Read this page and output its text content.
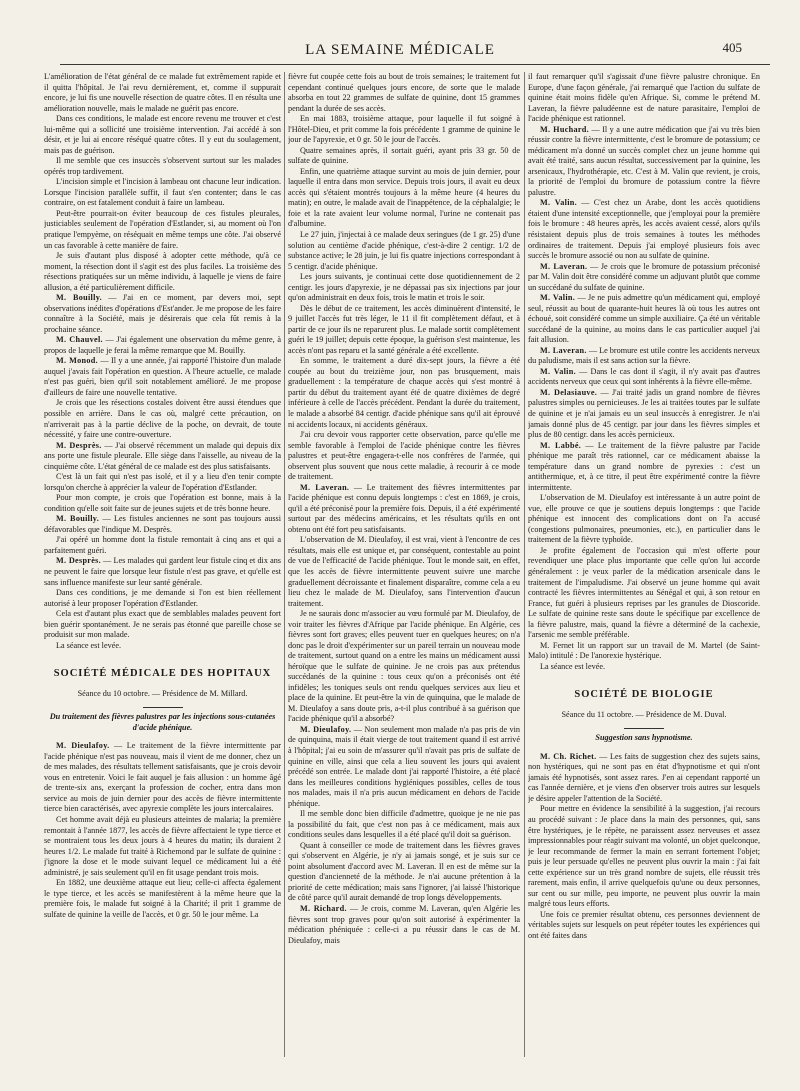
LA SEMAINE MÉDICALE	405

L'amélioration de l'état général de ce malade fut extrêmement rapide et il quitta l'hôpital. Je l'ai revu dernièrement, et, comme il suppurait encore, je lui fis une nouvelle résection de quatre côtes. Il en résulta une amélioration nouvelle, mais le malade ne guérit pas encore.

Dans ces conditions, le malade est encore revenu me trouver et c'est lui-même qui a sollicité une troisième intervention. J'ai accédé à son désir, et je lui ai encore réséqué quatre côtes. Il y eut du soulagement, mais pas de guérison.

Il me semble que ces insuccès s'observent surtout sur les malades opérés trop tardivement.

L'incision simple et l'incision à lambeau ont chacune leur indication. Lorsque l'incision parallèle suffit, il faut s'en contenter; dans le cas contraire, on est fatalement conduit à faire un lambeau.

Peut-être pourrait-on éviter beaucoup de ces fistules pleurales, justiciables seulement de l'opération d'Estlander, si, au moment où l'on pratique l'empyème, on réséquait en même temps une côte. J'ai observé un cas favorable à cette manière de faire.

Je suis d'autant plus disposé à adopter cette méthode, qu'à ce moment, la résection dont il s'agit est des plus faciles. La troisième des résections pratiquées sur un même individu, à laquelle je viens de faire allusion, a été particulièrement difficile.

M. Bouilly. — J'ai en ce moment, par devers moi, sept observations inédites d'opérations d'Est'ander. Je me propose de les faire connaître à la Société, mais je désirerais que cela fût remis à la prochaine séance.

M. Chauvel. — J'ai également une observation du même genre, à propos de laquelle je ferai la même remarque que M. Bouilly.

M. Monod. — Il y a une année, j'ai rapporté l'histoire d'un malade auquel j'avais fait l'opération en question. A l'heure actuelle, ce malade n'est pas guéri, bien qu'il soit notablement amélioré. Je me propose d'ailleurs de faire une nouvelle tentative.

Je crois que les résections costales doivent être aussi étendues que possible en arrière. Dans le cas où, malgré cette précaution, on n'arriverait pas à la partie déclive de la poche, on devrait, de toute nécessité, y faire une contre-ouverture.

M. Desprès. — J'ai observé récemment un malade qui depuis dix ans porte une fistule pleurale. Elle siège dans l'aisselle, au niveau de la cinquième côte. L'état général de ce malade est des plus satisfaisants.

C'est là un fait qui n'est pas isolé, et il y a lieu d'en tenir compte lorsqu'on cherche à apprécier la valeur de l'opération d'Estlander.

Pour mon compte, je crois que l'opération est bonne, mais à la condition qu'elle soit faite sur de jeunes sujets et de très bonne heure.

M. Bouilly. — Les fistules anciennes ne sont pas toujours aussi défavorables que l'indique M. Desprès.

J'ai opéré un homme dont la fistule remontait à cinq ans et qui a parfaitement guéri.

M. Desprès. — Les malades qui gardent leur fistule cinq et dix ans ne peuvent le faire que lorsque leur fistule n'est pas grave, et qu'elle est sans influence manifeste sur leur santé générale.

Dans ces conditions, je me demande si l'on est bien réellement autorisé à leur proposer l'opération d'Estlander.

Cela est d'autant plus exact que de semblables malades peuvent fort bien guérir spontanément. Je ne serais pas étonné que pareille chose se produisit sur mon malade.

La séance est levée.

SOCIÉTÉ MÉDICALE DES HOPITAUX

Séance du 10 octobre. — Présidence de M. Millard.

Du traitement des fièvres palustres par les injections sous-cutanées d'acide phénique.

M. Dieulafoy. — Le traitement de la fièvre intermittente par l'acide phénique n'est pas nouveau, mais il vient de me donner, chez un de mes malades, des résultats tellement satisfaisants, que je crois devoir vous en entretenir. Voici le fait auquel je fais allusion : un homme âgé de trente-six ans, exerçant la profession de cocher, entra dans mon service au mois de juin dernier pour des accès de fièvre intermittente tierce bien caractérisés, avec apyrexie complète les jours intercalaires.

Cet homme avait déjà eu plusieurs atteintes de malaria; la première remontait à l'année 1877, les accès de fièvre affectaient le type tierce et se montraient tous les deux jours à 4 heures du matin; ils duraient 2 heures 1/2. Le malade fut traité à Richemond par le sulfate de quinine : j'ignore la dose et le mode suivant lequel ce médicament lui a été administré, je sais seulement qu'il en fit usage pendant trois mois.

En 1882, une deuxième attaque eut lieu; celle-ci affecta également le type tierce, et les accès se manifestèrent à la même heure que la première fois, le malade fut soigné à la Charité; il prit 1 gramme de sulfate de quinine la veille de l'accès, et 0 gr. 50 le jour même. La

fièvre fut coupée cette fois au bout de trois semaines; le traitement fut cependant continué quelques jours encore, de sorte que le malade absorba en tout 22 grammes de sulfate de quinine, dont 15 grammes pendant la durée de ses accès.

En mai 1883, troisième attaque, pour laquelle il fut soigné à l'Hôtel-Dieu, et prit comme la fois précédente 1 gramme de quinine le jour de l'apyrexie, et 0 gr. 50 le jour de l'accès.

Quatre semaines après, il sortait guéri, ayant pris 33 gr. 50 de sulfate de quinine.

Enfin, une quatrième attaque survint au mois de juin dernier, pour laquelle il entra dans mon service. Depuis trois jours, il avait eu deux accès qui s'étaient montrés toujours à la même heure (4 heures du matin); en outre, le malade avait de l'inappétence, de la céphalalgie; le foie et la rate avaient leur volume normal, l'urine ne contenait pas d'albumine.

Le 27 juin, j'injectai à ce malade deux seringues (de 1 gr. 25) d'une solution au centième d'acide phénique, c'est-à-dire 2 centigr. 1/2 de substance active; le 28 juin, je lui fis quatre injections correspondant à 5 centigr. d'acide phénique.

Les jours suivants, je continuai cette dose quotidiennement de 2 centigr. les jours d'apyrexie, je ne dépassai pas six injections par jour qu'on administrait en deux fois, trois le matin et trois le soir.

Dès le début de ce traitement, les accès diminuèrent d'intensité, le 9 juillet l'accès fut très léger, le 11 il fit complètement défaut, et à partir de ce jour ils ne reparurent plus. Le malade sortit complètement guéri le 19 juillet; depuis cette époque, la guérison s'est maintenue, les accès n'ont pas reparu et la santé générale a été excellente.

En somme, le traitement a duré dix-sept jours, la fièvre a été coupée au bout du treizième jour, non pas brusquement, mais graduellement : la température de chaque accès qui s'est montré à partir du début du traitement ayant été de quatre dixièmes de degré inférieure à celle de l'accès précédent. Pendant la durée du traitement, le malade a absorbé 84 centigr. d'acide phénique sans qu'il ait éprouvé ni accidents locaux, ni accidents généraux.

J'ai cru devoir vous rapporter cette observation, parce qu'elle me semble favorable à l'emploi de l'acide phénique contre les fièvres palustres et peut-être engagera-t-elle nos confrères de l'armée, qui observent plus souvent que nous cette maladie, à recourir à ce mode de traitement.

M. Laveran. — Le traitement des fièvres intermittentes par l'acide phénique est connu depuis longtemps : c'est en 1869, je crois, qu'il a été préconisé pour la première fois. Depuis, il a été expérimenté surtout par des médecins américains, et les résultats qu'ils en ont obtenu ont été fort peu satisfaisants.

L'observation de M. Dieulafoy, il est vrai, vient à l'encontre de ces résultats, mais elle est unique et, par conséquent, contestable au point de vue de l'efficacité de l'acide phénique. Tout le monde sait, en effet, que les accès de fièvre intermittente peuvent suivre une marche graduellement décroissante et finalement disparaître, comme cela a eu lieu chez le malade de M. Dieulafoy, sans l'intervention d'aucun traitement.

Je ne saurais donc m'associer au vœu formulé par M. Dieulafoy, de voir traiter les fièvres d'Afrique par l'acide phénique. En Algérie, ces fièvres sont fort graves; elles peuvent tuer en quelques heures; on n'a donc pas le droit d'expérimenter sur un pareil terrain un nouveau mode de traitement, surtout quand on a entre les mains un médicament aussi héroïque que le sulfate de quinine. Je ne crois pas aux prétendus succédanés de la quinine : tous ceux qu'on a préconisés ont été infidèles; les toniques seuls ont rendu quelques services aux lieu et place de la quinine. Et peut-être la vin de quinquina, que le malade de M. Dieulafoy a sans doute pris, a-t-il plus contribué à sa guérison que l'acide phénique qu'il a absorbé?

M. Dieulafoy. — Non seulement mon malade n'a pas pris de vin de quinquina, mais il était vierge de tout traitement quand il est arrivé à l'hôpital; j'ai eu soin de m'assurer qu'il n'avait pas pris de sulfate de quinine en ville, ainsi que cela a lieu souvent les jours qui avaient précédé son entrée. Le malade dont j'ai rapporté l'histoire, a été placé dans les meilleures conditions hygiéniques possibles, celles de tous nos malades, mais il n'a pris aucun médicament en dehors de l'acide phénique.

Il me semble donc bien difficile d'admettre, quoique je ne nie pas la possibilité du fait, que c'est non pas à ce médicament, mais aux conditions seules dans lesquelles il a été placé qu'il doit sa guérison.

Quant à conseiller ce mode de traitement dans les fièvres graves qui s'observent en Algérie, je n'y ai jamais songé, et je suis sur ce point absolument d'accord avec M. Laveran. Il en est de même sur la question d'ancienneté de la méthode. Je n'ai aucune prétention à la priorité de cette médication; mais sans l'ignorer, j'ai laissé l'historique de côté parce qu'il aurait demandé de trop longs développements.

M. Richard. — Je crois, comme M. Laveran, qu'en Algérie les fièvres sont trop graves pour qu'on soit autorisé à expérimenter la médication phéniquée : celle-ci a pu réussir dans le cas de M. Dieulafoy, mais

il faut remarquer qu'il s'agissait d'une fièvre palustre chronique. En Europe, d'une façon générale, j'ai remarqué que l'action du sulfate de quinine était moins fidèle qu'en Afrique. Si, comme le prétend M. Laveran, la fièvre paludéenne est de nature parasitaire, l'emploi de l'acide phénique est rationnel.

M. Huchard. — Il y a une autre médication que j'ai vu très bien réussir contre la fièvre intermittente, c'est le bromure de potassium; ce médicament m'a donné un succès complet chez un jeune homme qui avait été traité, sans aucun résultat, successivement par la quinine, les arsenicaux, l'hydrothérapie, etc. C'est à M. Valin que revient, je crois, la priorité de l'emploi du bromure de potassium contre la fièvre palustre.

M. Valin. — C'est chez un Arabe, dont les accès quotidiens étaient d'une intensité exceptionnelle, que j'employai pour la première fois le bromure : 48 heures après, les accès avaient cessé, alors qu'ils résistaient depuis plus de trois semaines à toutes les méthodes ordinaires de traitement. Depuis j'ai employé plusieurs fois avec succès le bromure associé ou non au sulfate de quinine.

M. Laveran. — Je crois que le bromure de potassium préconisé par M. Valin doit être considéré comme un adjuvant plutôt que comme un succédané du sulfate de quinine.

M. Valin. — Je ne puis admettre qu'un médicament qui, employé seul, réussit au bout de quarante-huit heures là où tous les autres ont échoué, soit considéré comme un simple auxiliaire. Ça été un véritable succédané de la quinine, au moins dans le cas particulier auquel j'ai fait allusion.

M. Laveran. — Le bromure est utile contre les accidents nerveux du paludisme, mais il est sans action sur la fièvre.

M. Valin. — Dans le cas dont il s'agit, il n'y avait pas d'autres accidents nerveux que ceux qui sont inhérents à la fièvre elle-même.

M. Delasiauve. — J'ai traité jadis un grand nombre de fièvres palustres simples ou pernicieuses. Je les ai traitées toutes par le sulfate de quinine et je n'ai jamais eu un seul insuccès à enregistrer. Je n'ai jamais donné plus de 45 centigr. par jour dans les fièvres simples et plus de 80 centigr. dans les accès pernicieux.

M. Labbé. — Le traitement de la fièvre palustre par l'acide phénique me paraît très rationnel, car ce médicament abaisse la température dans un grand nombre de pyrexies : c'est un antithermique, et, à ce titre, il peut être expérimenté contre la fièvre intermittente.

L'observation de M. Dieulafoy est intéressante à un autre point de vue, elle prouve ce que je soutiens depuis longtemps : que l'acide phénique est innocent des complications dont on l'a accusé (congestions pulmonaires, pneumonies, etc.), en particulier dans le traitement de la fièvre typhoïde.

Je profite également de l'occasion qui m'est offerte pour revendiquer une place plus importante que celle qu'on lui accorde généralement : je veux parler de la médication arsenicale dans le traitement de l'impaludisme. J'ai observé un jeune homme qui avait contracté les fièvres intermittentes au Sénégal et qui, à son retour en France, fut guéri à plusieurs reprises par les granules de Dioscoride. Le sulfate de quinine reste sans doute le spécifique par excellence de la fièvre palustre, mais, quand la fièvre a déterminé de la cachexie, l'arsenic me semble préférable.

M. Fernet lit un rapport sur un travail de M. Martel (de Saint-Malo) intitulé : De l'anorexie hystérique.

La séance est levée.

SOCIÉTÉ DE BIOLOGIE

Séance du 11 octobre. — Présidence de M. Duval.

Suggestion sans hypnotisme.

M. Ch. Richet. — Les faits de suggestion chez des sujets sains, non hystériques, qui ne sont pas en état d'hypnotisme et qui n'ont jamais été hypnotisés, sont assez rares. J'en ai cependant rapporté un cas l'année dernière, et je viens d'en observer trois autres sur lesquels je désire appeler l'attention de la Société.

Pour mettre en évidence la sensibilité à la suggestion, j'ai recours au procédé suivant : Je place dans la main des personnes, qui, sans être hystériques, je le répète, ne paraissent assez nerveuses et assez impressionnables pour réagir suivant ma volonté, un objet quelconque, je leur recommande de fermer la main en serrant fortement l'objet; puis je leur persuade qu'elles ne peuvent plus ouvrir la main : j'ai fait cette expérience sur un très grand nombre de sujets, elle réussit très rarement, mais enfin, il arrive quelquefois qu'une ou deux personnes, sur cent ou sur mille, peu importe, ne peuvent plus ouvrir la main malgré tous leurs efforts.

Une fois ce premier résultat obtenu, ces personnes deviennent de véritables sujets sur lesquels on peut répéter toutes les expériences qui ont été faites dans
